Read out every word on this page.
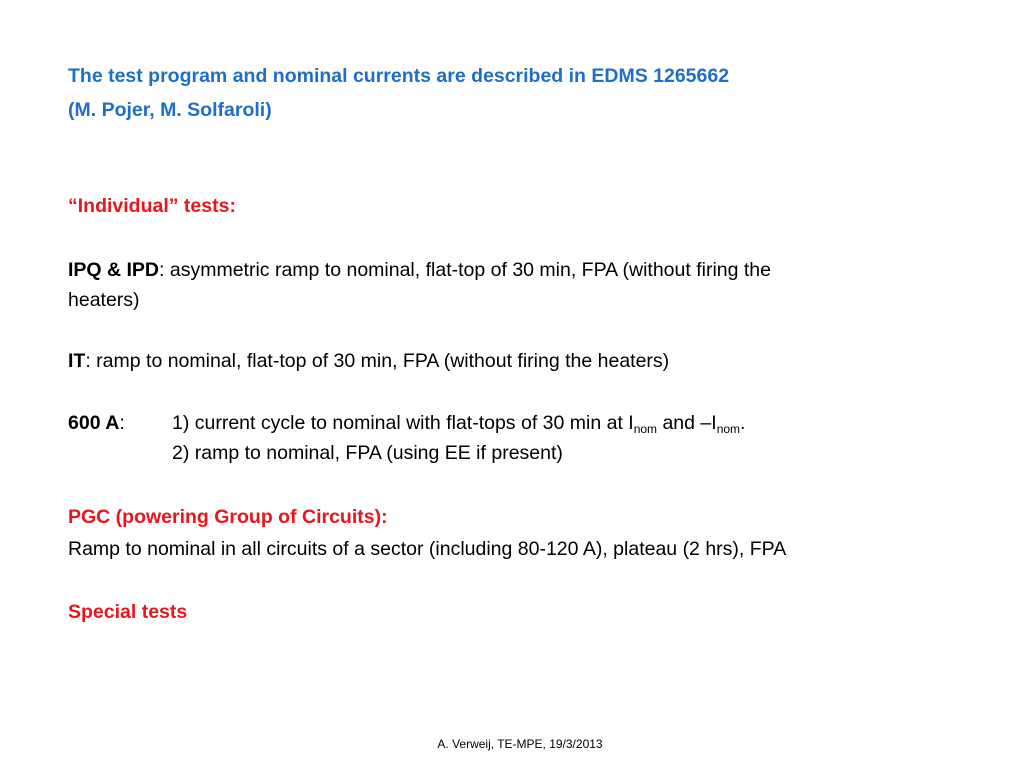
The test program and nominal currents are described in EDMS 1265662
(M. Pojer, M. Solfaroli)
“Individual” tests:
IPQ & IPD: asymmetric ramp to nominal, flat-top of 30 min, FPA (without firing the
heaters)
IT: ramp to nominal, flat-top of 30 min, FPA (without firing the heaters)
600 A: 1) current cycle to nominal with flat-tops of 30 min at $I_{nom}$ and $-I_{nom}$.
2) ramp to nominal, FPA (using EE if present)
PGC (powering Group of Circuits):
Ramp to nominal in all circuits of a sector (including 80-120 A), plateau (2 hrs), FPA
Special tests
A. Verweij, TE-MPE, 19/3/2013
